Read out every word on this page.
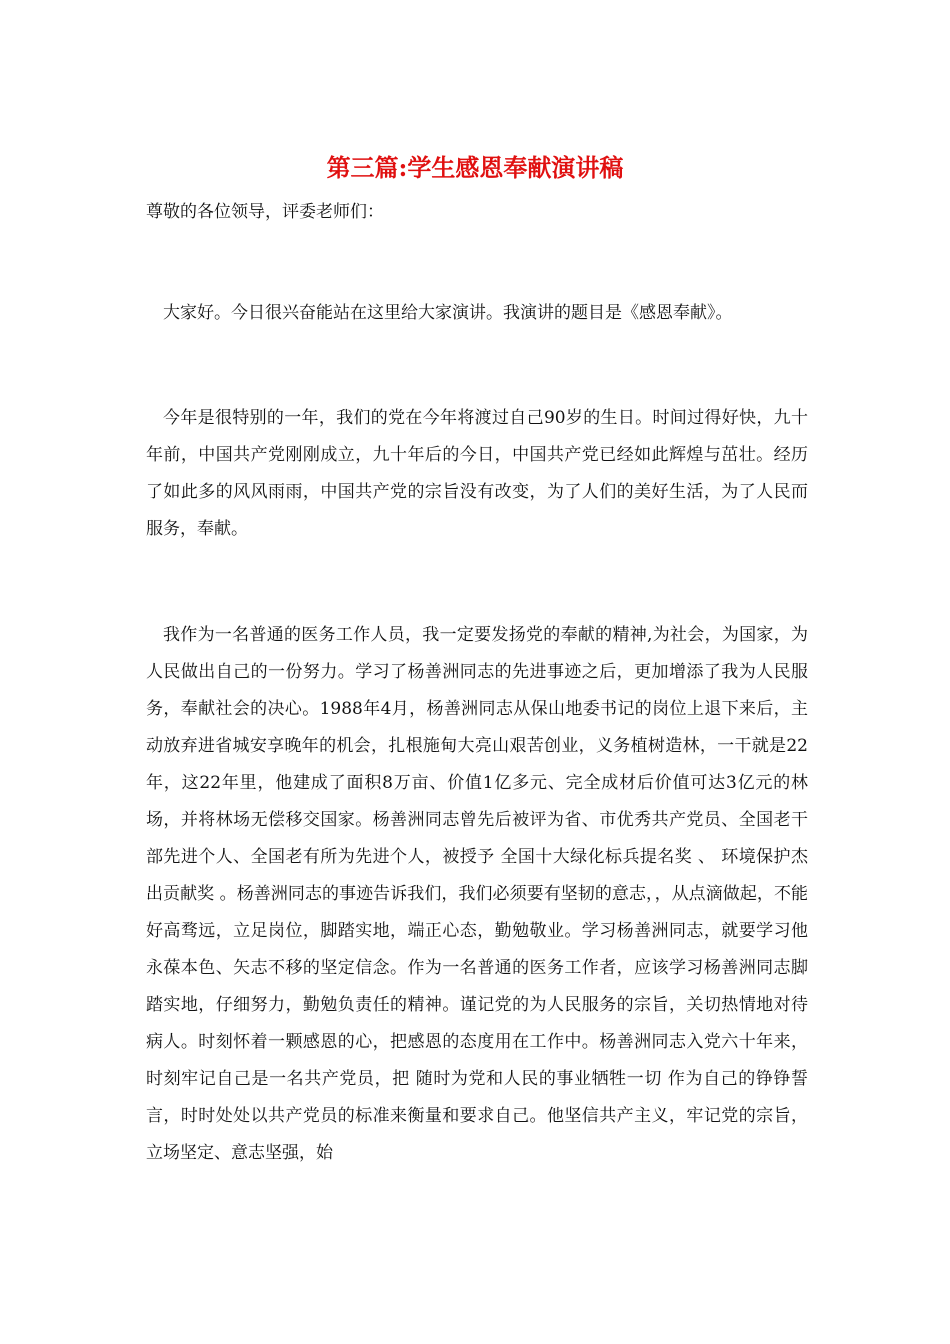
第三篇:学生感恩奉献演讲稿

尊敬的各位领导，评委老师们：

大家好。今日很兴奋能站在这里给大家演讲。我演讲的题目是《感恩奉献》。

今年是很特别的一年，我们的党在今年将渡过自己90岁的生日。时间过得好快，九十年前，中国共产党刚刚成立，九十年后的今日，中国共产党已经如此辉煌与茁壮。经历了如此多的风风雨雨，中国共产党的宗旨没有改变，为了人们的美好生活，为了人民而服务，奉献。

我作为一名普通的医务工作人员，我一定要发扬党的奉献的精神,为社会，为国家，为人民做出自己的一份努力。学习了杨善洲同志的先进事迹之后，更加增添了我为人民服务，奉献社会的决心。1988年4月，杨善洲同志从保山地委书记的岗位上退下来后，主动放弃进省城安享晚年的机会，扎根施甸大亮山艰苦创业，义务植树造林，一干就是22年，这22年里，他建成了面积8万亩、价值1亿多元、完全成材后价值可达3亿元的林场，并将林场无偿移交国家。杨善洲同志曾先后被评为省、市优秀共产党员、全国老干部先进个人、全国老有所为先进个人，被授予 全国十大绿化标兵提名奖 、 环境保护杰出贡献奖 。杨善洲同志的事迹告诉我们，我们必须要有坚韧的意志，，从点滴做起，不能好高骛远，立足岗位，脚踏实地，端正心态，勤勉敬业。学习杨善洲同志，就要学习他永葆本色、矢志不移的坚定信念。作为一名普通的医务工作者，应该学习杨善洲同志脚踏实地，仔细努力，勤勉负责任的精神。谨记党的为人民服务的宗旨，关切热情地对待病人。时刻怀着一颗感恩的心，把感恩的态度用在工作中。杨善洲同志入党六十年来，时刻牢记自己是一名共产党员，把 随时为党和人民的事业牺牲一切 作为自己的铮铮誓言，时时处处以共产党员的标准来衡量和要求自己。他坚信共产主义，牢记党的宗旨，立场坚定、意志坚强，始
